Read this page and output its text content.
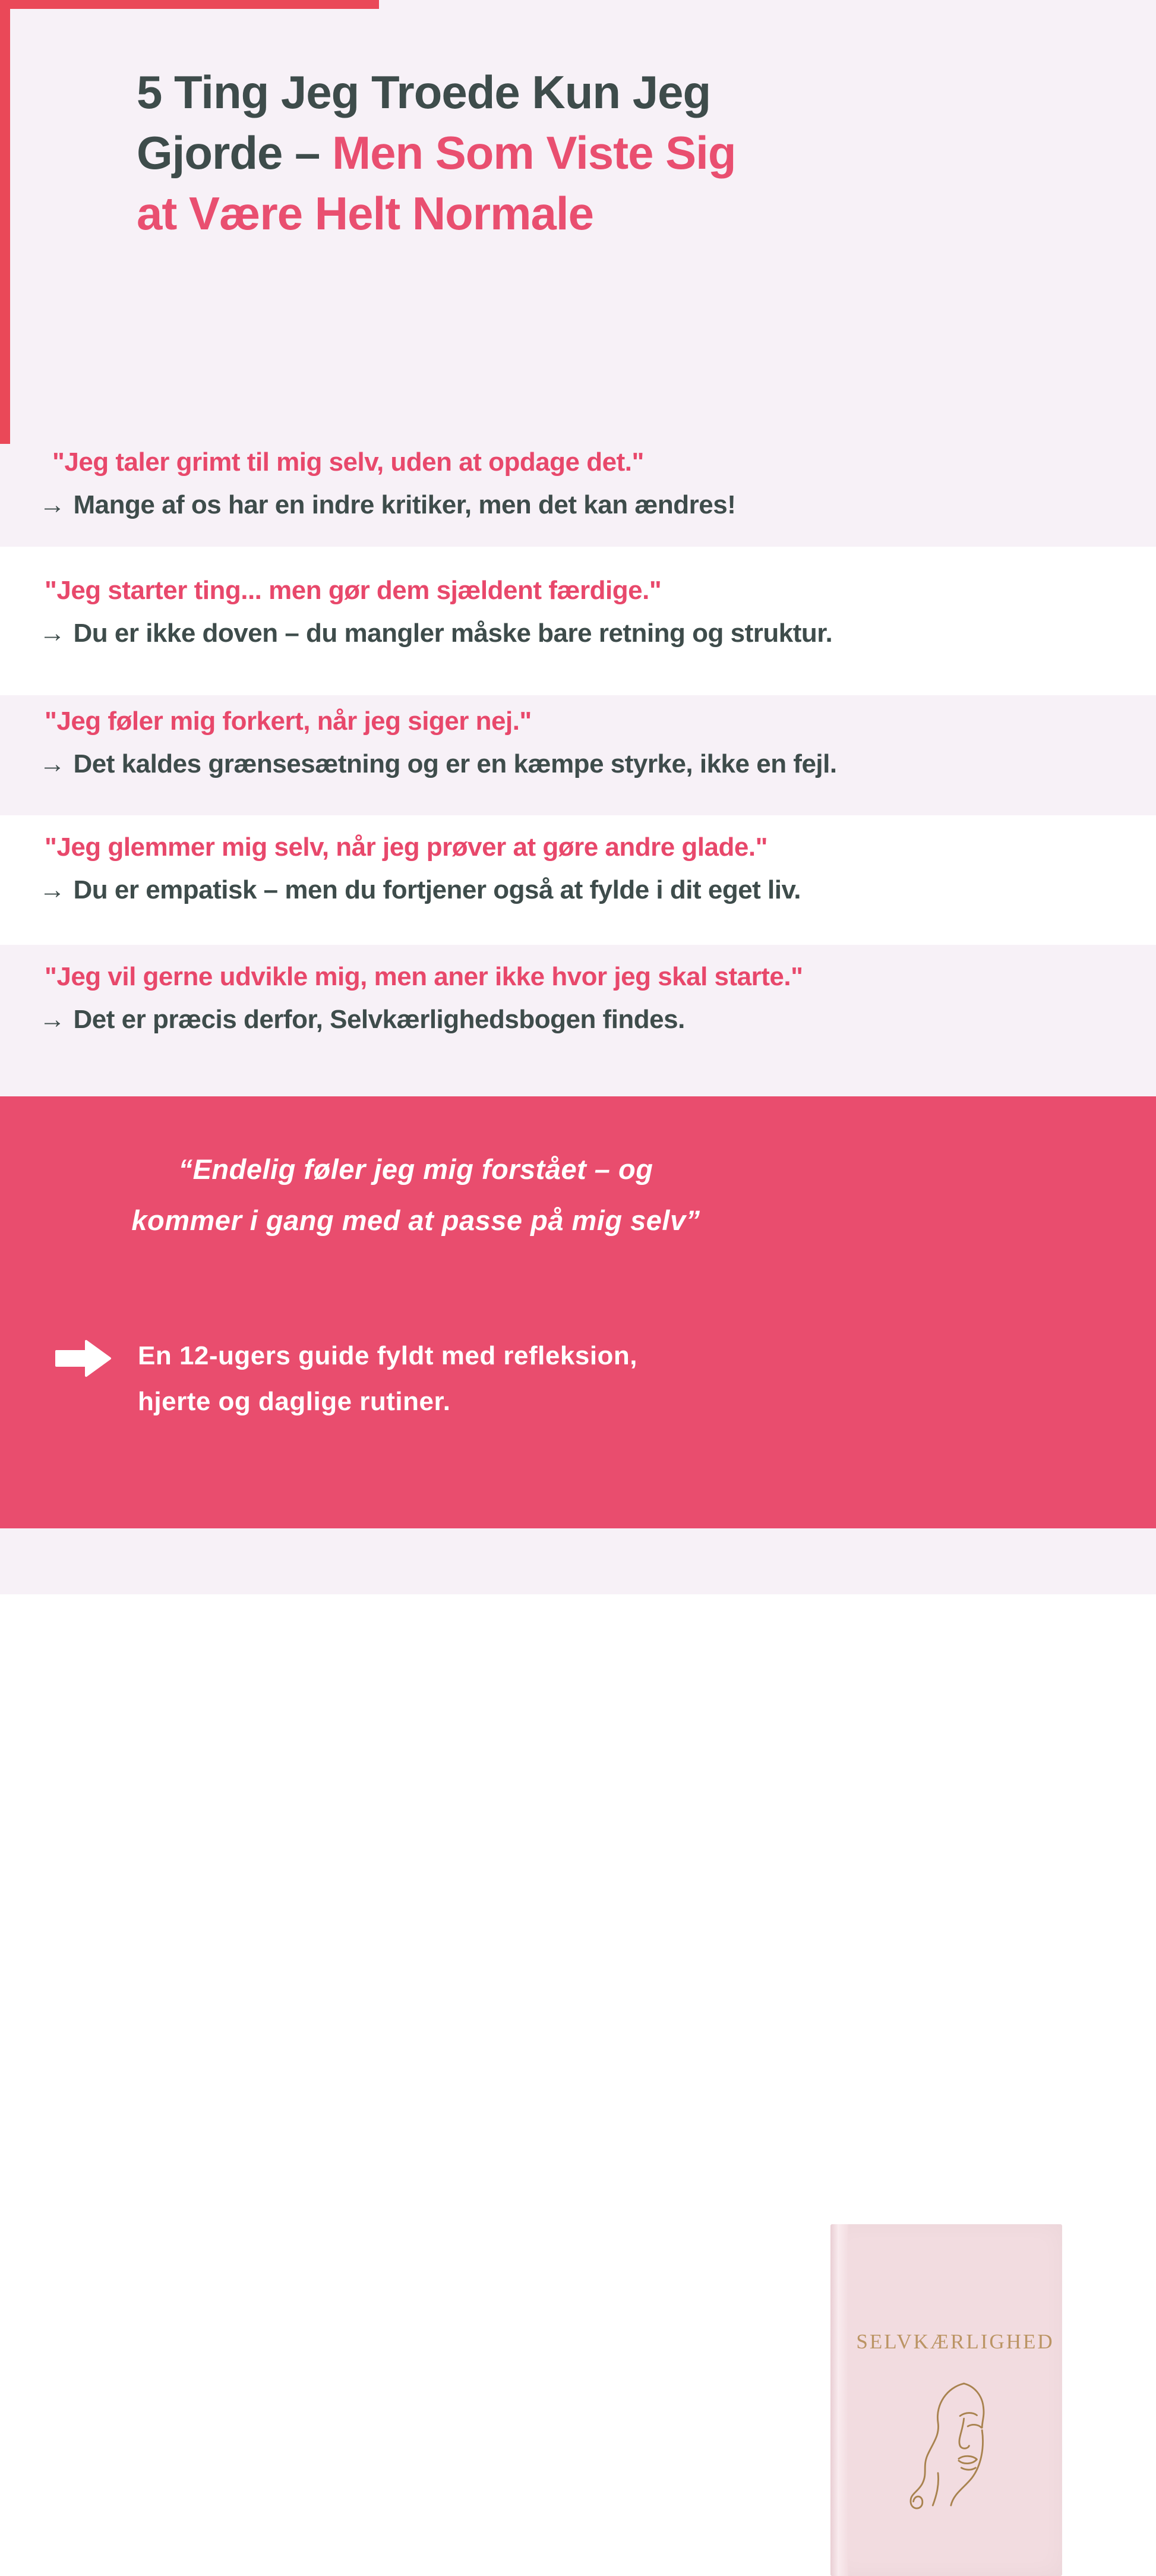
5 Ting Jeg Troede Kun Jeg
Gjorde – Men Som Viste Sig
at Være Helt Normale
"Jeg taler grimt til mig selv, uden at opdage det."
→ Mange af os har en indre kritiker, men det kan ændres!
"Jeg starter ting... men gør dem sjældent færdige."
→ Du er ikke doven – du mangler måske bare retning og struktur.
"Jeg føler mig forkert, når jeg siger nej."
→ Det kaldes grænsesætning og er en kæmpe styrke, ikke en fejl.
"Jeg glemmer mig selv, når jeg prøver at gøre andre glade."
→ Du er empatisk – men du fortjener også at fylde i dit eget liv.
"Jeg vil gerne udvikle mig, men aner ikke hvor jeg skal starte."
→ Det er præcis derfor, Selvkærlighedsbogen findes.
“Endelig føler jeg mig forstået – og
kommer i gang med at passe på mig selv”
En 12-ugers guide fyldt med refleksion,
hjerte og daglige rutiner.
SELVKÆRLIGHED
